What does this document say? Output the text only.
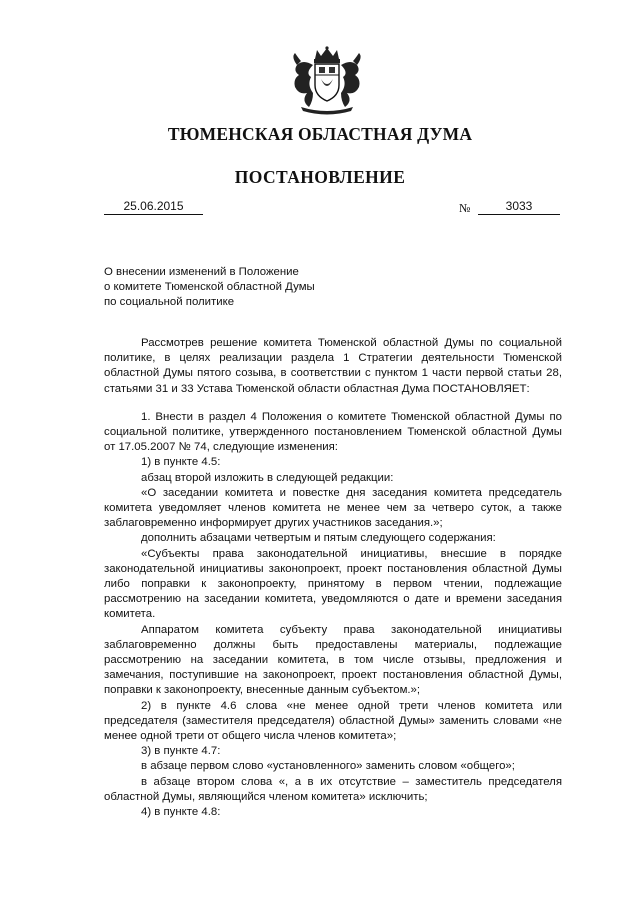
ТЮМЕНСКАЯ ОБЛАСТНАЯ ДУМА
ПОСТАНОВЛЕНИЕ
25.06.2015	№	3033
О внесении изменений в Положение
о комитете Тюменской областной Думы
по социальной политике

Рассмотрев решение комитета Тюменской областной Думы по социальной политике, в целях реализации раздела 1 Стратегии деятельности Тюменской областной Думы пятого созыва, в соответствии с пунктом 1 части первой статьи 28, статьями 31 и 33 Устава Тюменской области областная Дума ПОСТАНОВЛЯЕТ:

1. Внести в раздел 4 Положения о комитете Тюменской областной Думы по социальной политике, утвержденного постановлением Тюменской областной Думы от 17.05.2007 № 74, следующие изменения:

1) в пункте 4.5:

абзац второй изложить в следующей редакции:

«О заседании комитета и повестке дня заседания комитета председатель комитета уведомляет членов комитета не менее чем за четверо суток, а также заблаговременно информирует других участников заседания.»;

дополнить абзацами четвертым и пятым следующего содержания:

«Субъекты права законодательной инициативы, внесшие в порядке законодательной инициативы законопроект, проект постановления областной Думы либо поправки к законопроекту, принятому в первом чтении, подлежащие рассмотрению на заседании комитета, уведомляются о дате и времени заседания комитета.

Аппаратом комитета субъекту права законодательной инициативы заблаговременно должны быть предоставлены материалы, подлежащие рассмотрению на заседании комитета, в том числе отзывы, предложения и замечания, поступившие на законопроект, проект постановления областной Думы, поправки к законопроекту, внесенные данным субъектом.»;

2) в пункте 4.6 слова «не менее одной трети членов комитета или председателя (заместителя председателя) областной Думы» заменить словами «не менее одной трети от общего числа членов комитета»;

3) в пункте 4.7:

в абзаце первом слово «установленного» заменить словом «общего»;

в абзаце втором слова «, а в их отсутствие – заместитель председателя областной Думы, являющийся членом комитета» исключить;

4) в пункте 4.8:
